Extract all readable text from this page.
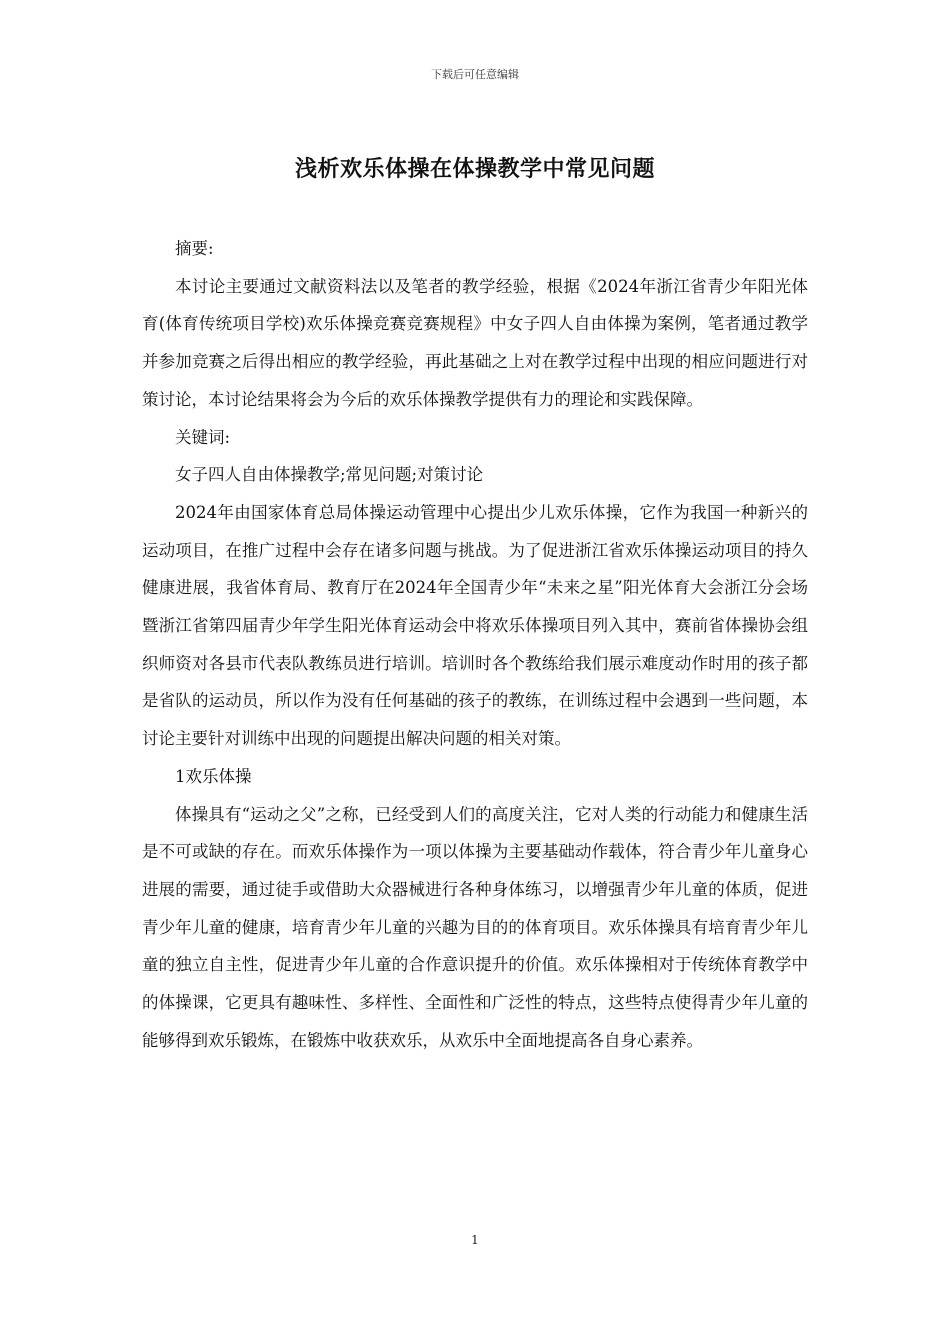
下载后可任意编辑
浅析欢乐体操在体操教学中常见问题

摘要:

本讨论主要通过文献资料法以及笔者的教学经验，根据《2024年浙江省青少年阳光体育(体育传统项目学校)欢乐体操竞赛竞赛规程》中女子四人自由体操为案例，笔者通过教学并参加竞赛之后得出相应的教学经验，再此基础之上对在教学过程中出现的相应问题进行对策讨论，本讨论结果将会为今后的欢乐体操教学提供有力的理论和实践保障。

关键词:

女子四人自由体操教学;常见问题;对策讨论

2024年由国家体育总局体操运动管理中心提出少儿欢乐体操，它作为我国一种新兴的运动项目，在推广过程中会存在诸多问题与挑战。为了促进浙江省欢乐体操运动项目的持久健康进展，我省体育局、教育厅在2024年全国青少年“未来之星”阳光体育大会浙江分会场暨浙江省第四届青少年学生阳光体育运动会中将欢乐体操项目列入其中，赛前省体操协会组织师资对各县市代表队教练员进行培训。培训时各个教练给我们展示难度动作时用的孩子都是省队的运动员，所以作为没有任何基础的孩子的教练，在训练过程中会遇到一些问题，本讨论主要针对训练中出现的问题提出解决问题的相关对策。

1欢乐体操

体操具有“运动之父”之称，已经受到人们的高度关注，它对人类的行动能力和健康生活是不可或缺的存在。而欢乐体操作为一项以体操为主要基础动作载体，符合青少年儿童身心进展的需要，通过徒手或借助大众器械进行各种身体练习，以增强青少年儿童的体质，促进青少年儿童的健康，培育青少年儿童的兴趣为目的的体育项目。欢乐体操具有培育青少年儿童的独立自主性，促进青少年儿童的合作意识提升的价值。欢乐体操相对于传统体育教学中的体操课，它更具有趣味性、多样性、全面性和广泛性的特点，这些特点使得青少年儿童的能够得到欢乐锻炼，在锻炼中收获欢乐，从欢乐中全面地提高各自身心素养。

1
